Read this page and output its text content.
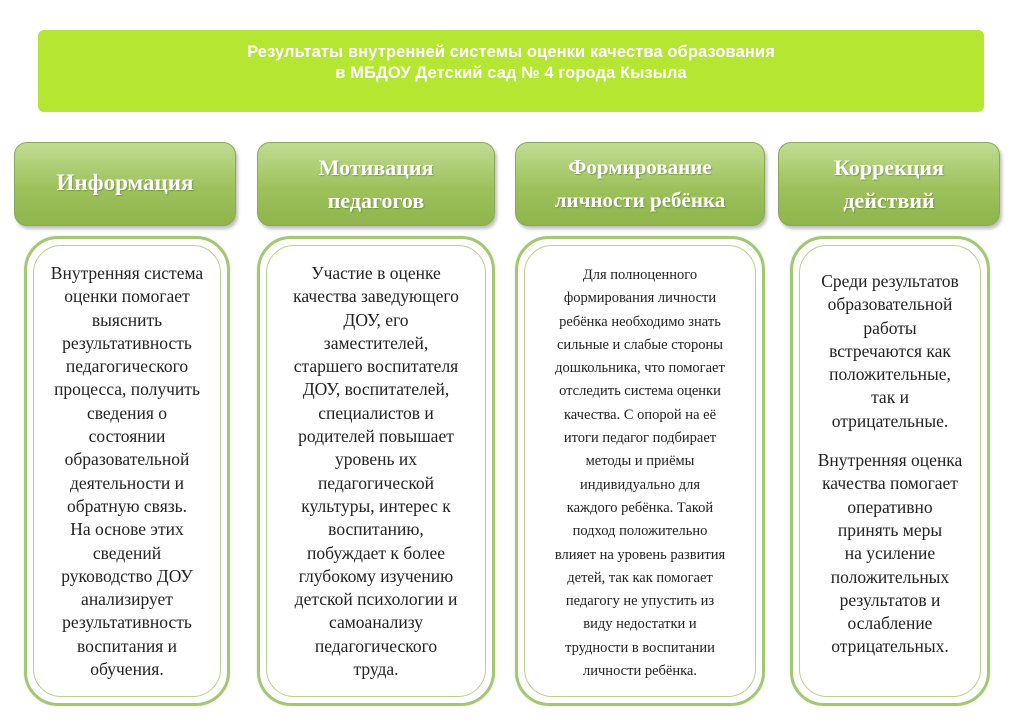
Результаты внутренней системы оценки качества образования
в МБДОУ Детский сад № 4 города Кызыла
Информация
Внутренняя система
оценки помогает
выяснить
результативность
педагогического
процесса, получить
сведения о
состоянии
образовательной
деятельности и
обратную связь.
На основе этих
сведений
руководство ДОУ
анализирует
результативность
воспитания и
обучения.
Мотивация
педагогов
Участие в оценке
качества заведующего
ДОУ, его
заместителей,
старшего воспитателя
ДОУ, воспитателей,
специалистов и
родителей повышает
уровень их
педагогической
культуры, интерес к
воспитанию,
побуждает к более
глубокому изучению
детской психологии и
самоанализу
педагогического
труда.
Формирование
личности ребёнка
Для полноценного
формирования личности
ребёнка необходимо знать
сильные и слабые стороны
дошкольника, что помогает
отследить система оценки
качества. С опорой на её
итоги педагог подбирает
методы и приёмы
индивидуально для
каждого ребёнка. Такой
подход положительно
влияет на уровень развития
детей, так как помогает
педагогу не упустить из
виду недостатки и
трудности в воспитании
личности ребёнка.
Коррекция
действий
Среди результатов
образовательной
работы
встречаются как
положительные,
так и
отрицательные.
Внутренняя оценка
качества помогает
оперативно
принять меры
на усиление
положительных
результатов и
ослабление
отрицательных.
